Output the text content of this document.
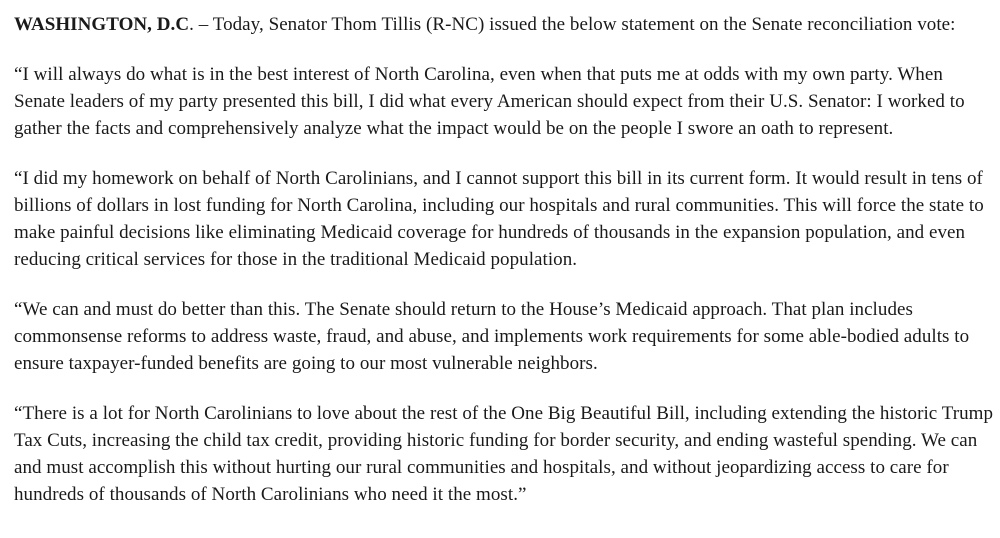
WASHINGTON, D.C. – Today, Senator Thom Tillis (R-NC) issued the below statement on the Senate reconciliation vote:

“I will always do what is in the best interest of North Carolina, even when that puts me at odds with my own party. When Senate leaders of my party presented this bill, I did what every American should expect from their U.S. Senator: I worked to gather the facts and comprehensively analyze what the impact would be on the people I swore an oath to represent.

“I did my homework on behalf of North Carolinians, and I cannot support this bill in its current form. It would result in tens of billions of dollars in lost funding for North Carolina, including our hospitals and rural communities. This will force the state to make painful decisions like eliminating Medicaid coverage for hundreds of thousands in the expansion population, and even reducing critical services for those in the traditional Medicaid population.

“We can and must do better than this. The Senate should return to the House’s Medicaid approach. That plan includes commonsense reforms to address waste, fraud, and abuse, and implements work requirements for some able-bodied adults to ensure taxpayer-funded benefits are going to our most vulnerable neighbors.

“There is a lot for North Carolinians to love about the rest of the One Big Beautiful Bill, including extending the historic Trump Tax Cuts, increasing the child tax credit, providing historic funding for border security, and ending wasteful spending. We can and must accomplish this without hurting our rural communities and hospitals, and without jeopardizing access to care for hundreds of thousands of North Carolinians who need it the most.”
